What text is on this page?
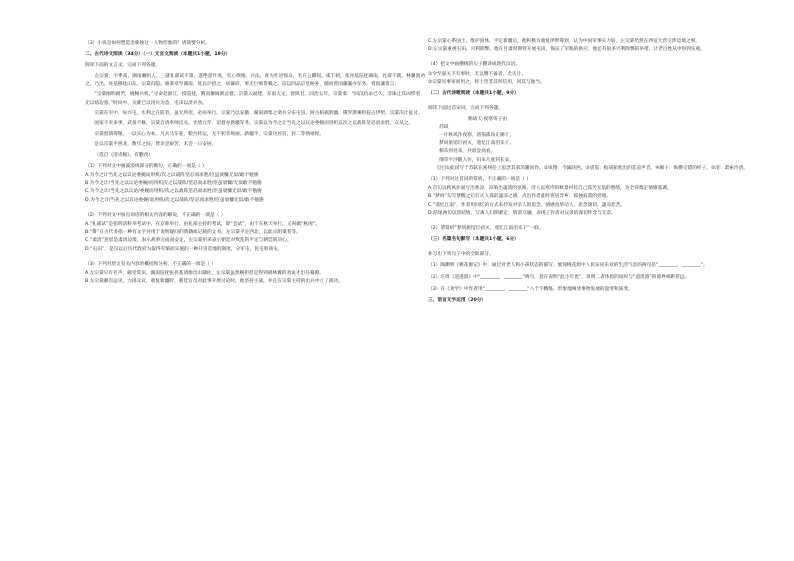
（3）小说是如何塑造金鹿独这一人物形象的？请简要分析。

二、古代诗文阅读（34分）（一）文言文阅读（本题共1小题，19分）

阅读下面的文言文，完成下列各题。

左宗棠，字季高，湖南湘阴人。三就礼部试不第，遂绝意仕进，究心舆地、兵法。喜为壮语惊众，名在公卿间。咸丰初，张亮基巡抚湖南，礼辟不就。林翼敦劝之，乃出。亮基移抚山东，宗棠归隐。骆秉章至湖南，复以计招之，居幕府，事无巨细皆赖之。诏以四品京堂候补，随同曾国藩襄办军务。曾国藩奏言：

“宗棠刚明耐苦，晓畅兵机。”寻命赴浙江，授巡抚，俄而擢闽浙总督。宗棠入福建，东南大定，督陕甘。同治五年，宗棠奏：“回汉仇杀已久，非诛止其凶悍者，无以靖边患。”时回中、关陇已以用兵为急，屯田以济兵食。

宗棠在军中，每兴屯，水利之在防者，虽无所用，必亟举行。宗棠乃以安徽、湖南调集之诸兵分布屯垦。阿古柏据新疆，俄罗斯乘机侵占伊犁，宗棠决计征讨。

国家不幸多事，武备不修，宗棠自请率师出关。光绪元年，诏督办新疆军务。宗棠以为今之计当先之以议论委婉而用机以次之以战阵坚忍而求胜，众从之。

宗棠督饷筹粮，一以实心为本，凡夫马车驼、粮台转运，无不躬亲规画。新疆平，宗棠功居首，封二等恪靖侯。

是以宗棠平西北，数年之间，皆亲尝艰苦，未尝一日安居。

（选自《清史稿》，有删改）

（1）下列对文中画波浪线部分的断句，正确的一项是（ ）

A.为今之计当先之以议论委婉而用机/次之以战阵坚忍而求胜/臣虽衰慵无似/敢不勉旃

B.为今之计/当先之以议论委婉/而用机次之以战阵/坚忍而求胜/臣虽衰慵/无似敢不勉旃

C.为今之计/当先之以议论/委婉而用机/次之以战阵坚忍而求胜/臣虽衰慵无似/敢不勉旃

D.为今之计/当先之以议论委婉/而用机/次之以战阵/坚忍而求胜/臣虽衰慵无似/敢不勉旃

（2）下列对文中加点词语的相关内容的解说，不正确的一项是（ ）

A.“礼部试”是指明清科举考试中，在京师举行，由礼部主持的考试，即“会试”，由于在秋天举行，又叫做“秋闱”。

B.“赘”在古代多指一种有文字并用于说明疑问的典籍或记载的文书，左宗棠平定西北，以此示阴谋者等。

C.“肃清”意思是肃清边境，表示战事完成而安定，左宗棠用来表示朝廷对叛乱的平定与朝廷的决心。

D.“屯田”，是汉以后历代政府为取得军饷而实施的一种开垦荒地的制度，分军屯、民屯和商屯。

（3）下列对原文有关内容的概括和分析，不正确的一项是（ ）

A.左宗棠早有名声，颇受赏识。湖南巡抚张亮基请他出山辅佐，左宗棠虽然婉拒但是得到胡林翼的劝说才出任幕僚。

B.左宗棠颇有远见，力排众议，收复新疆时，朝廷官员对此事开展讨论时，他坚持主战，并且在宗棠主持的出兵中立了战功。

C.左宗棠心系国土，维护国体。平定新疆后，他积极为收复伊犁筹划，认为中国军事实力弱，左宗棠仍然在西征大营交涉边境之事。

D.左宗棠重视屯田，兴利除弊。他在甘肃时期曾开展屯田，保证了军粮的供应；他还有很多兴利除弊的举措，让老百姓从中得到实惠。

（4）把文中画横线的句子翻译成现代汉语。

①令至嘉关下有事时，无以禦不备者，尤失计。

②宗棠见事审而用之，将士皆非其所信用，同其与独当。

（二）古代诗歌阅读（本题共1小题，9分）

阅读下面这首宋词，完成下列各题。

鹧鸪天·夜寒寄子由

苏轼

一片秋风作夜寒，清笳孤角正阑干。

梦回旅馆灯初灭，遥忆江南泪未干。

相从何处来，共谁登高看。

细草平沙随人住，归来几度到长安。

[注]①此词写于苏轼在密州任上思念其弟苏辙而作。②凤翔：今属陕西。③清笳：指胡笳吹出的悲凉声音。④阑干：纵横交错的样子。⑤清：萧索冷清。

（1）下列对这首词的赏析，不正确的一项是（ ）

A.首句以秋风扑面写出寒凉，渲染出凄清的氛围，诗人以寒冷的秋景衬托自己孤苦无依的愁绪，为全诗奠定情感基调。

B.“梦回”句写梦醒之后灯灭人孤的凄凉之感，点出作者此时客居异乡、孤独寂寞的处境。

C.“遥忆江南”，作者用回忆的方式来抒发对亲人的思念，情感真挚动人，思念深切，凄凉悲苦。

D.结尾两句以景结情，写离人归期难定，情景交融，表现了作者对兄弟的深切怀念与无奈。

（2）请赏析“梦回旅馆灯初灭，遥忆江南泪未干”一联。

（三）名篇名句默写（本题共1小题，6分）

补写出下列句子中的空缺部分。

（1）陶渊明《桃花源记》中，通过对老人和小孩状态的描写，展现桃花源中人民安居乐业的生活气息的两句是“________，________”。

（2）庄周《逍遥游》中“________，________”两句，意在说明“此小年也”，说明二者体验的短时与“逍遥游”的境界相距甚远。

（3）在《劝学》中作者用“________，________”八个字精练、形象地阐述事物发展的量变和质变。

三、语言文字运用（20分）
